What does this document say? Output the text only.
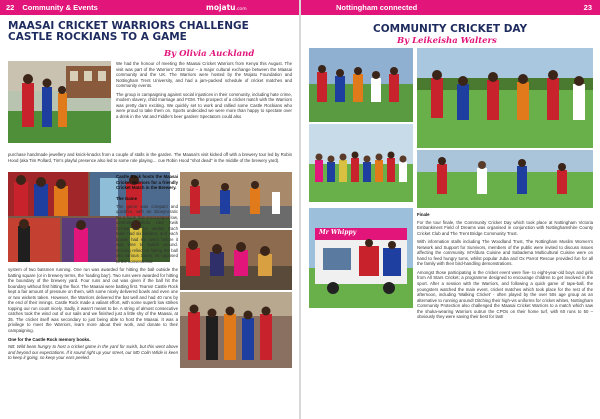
22	Community & Events	mojatu.com
MAASAI CRICKET WARRIORS CHALLENGE CASTLE ROCKIANS TO A GAME
By Olivia Auckland

We had the honour of meeting the Maasai Cricket Warriors from Kenya this August. The visit was part of the Warriors' 2018 tour – a major cultural exchange between the Maasai community and the UK. The Warriors were hosted by the Mojatu Foundation and Nottingham Trent University, and had a jam-packed schedule of cricket matches and community events.

The group is campaigning against social injustices in their community, including hate crime, modern slavery, child marriage and FGM. The prospect of a cricket match with the Warriors was pretty darn exciting. We quickly set to work and rallied some Castle Rockians who were proud to take them on. Sports undecided we were more than happy to spectate over a drink in the Vat and Fiddle's beer garden! Spectators could also

purchase handmade jewellery and knick-knacks from a couple of stalls in the garden. The Maasai's visit kicked off with a brewery tour led by Robin Hood (aka Tim Pollard, Tim's playful presence also led to some role playing… cue Robin Hood "shot dead" in the middle of the brewery yard).

Castle Rock hosts the Maasai Cricket Warriors for a friendly Cricket Match in the Brewery.

The Game

The game was compact and quickfire, with an idiosyncratic six-a-book that encouraged low, controlled shots. Like Kwik Cricket but for adults! Each team had six fielders, and each bowler had six overs before it was time to switch around. Scoring relied on hitting the ball into various zones, as opposed to the conventional

system of two batsmen running. One run was awarded for hitting the ball outside the batting square (or in brewery terms, the 'loading bay'). Two runs were awarded for hitting the boundary of the brewery yard. Four runs and out was given if the ball hit the boundary without first hitting the floor. The Maasai were batting first. Teams! Castle Rock kept a fair amount of pressure on them, with some nicely delivered bowls and even one or two wickets taken. However, the Warriors delivered the bat well and had 40 runs by the end of their innings. Castle Rock made a valiant effort, with some superb low strikes topping our run count nicely. Sadly, it wasn't meant to be. A string of almost consecutive catches took the wind out of our sails and we finished just a little shy of the Maasai, at 35. The cricket itself was secondary to just being able to host the Maasai. It was a privilege to meet the Warriors, learn more about their work, and donate to their campaigning.

One for the Castle Rock memory books.

NB: Wild bean hungry to host a cricket game in the yard for swish, but this went above and beyond our expectations. If it sound right up your street, our MD Colin Wilde is keen to keep it going, so keep your ears peeled.

Nottingham connected	23
COMMUNITY CRICKET DAY
By Leikeisha Walters
Mr Whippy

Finale

For the tour finale, the Community Cricket Day which took place at Nottingham Victoria Embankment Field of Dreams was organised in conjunction with Nottinghamshire County Cricket Club and The Trent Bridge Community Trust.

With information stalls including The Woodland Trust, The Nottingham Muslim Women's Network and Support for Survivors, members of the public were invited to discuss issues affecting the community. M'Afdura Cuisine and Sabadema Multicultural Cuisine were on hand to feed hungry tums, whilst popular Juba and Ox Parrot Rescue provided fun for all the family with their bird-handling demonstrations.

Amongst those participating in the cricket event were five- to eight-year-old boys and girls from All Stars Cricket; a programme designed to encourage children to get involved in the sport. After a session with the Warriors, and following a quick game of tape-ball, the youngsters watched the main event, cricket matches which took place for the rest of the afternoon, including 'Walking Cricket' - often played by the over 50s age group as an alternative to running around! Ditching their high-vis uniforms for cricket whites, Nottingham Community Protection also challenged the Maasai Cricket Warriors to a match which saw the shuka-wearing Warriors outrun the CPOs on their home turf, with 60 runs to 50 – obviously they were saving their best for last!
